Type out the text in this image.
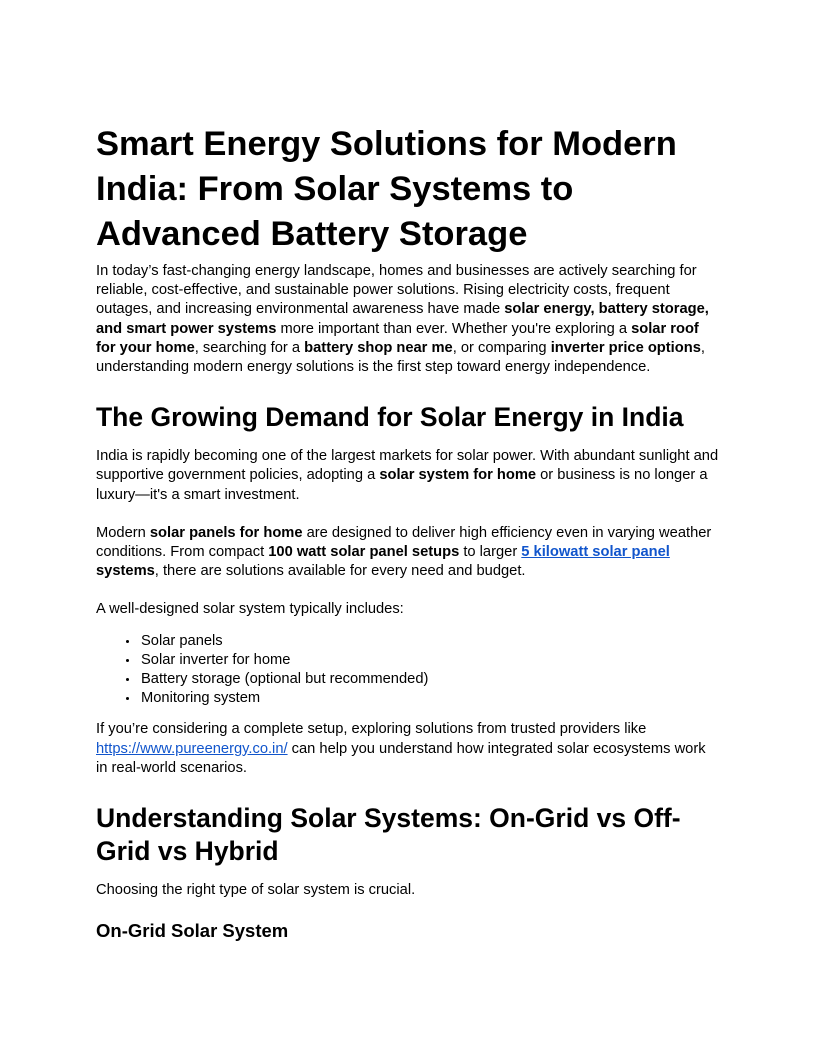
Smart Energy Solutions for Modern India: From Solar Systems to Advanced Battery Storage

In today’s fast-changing energy landscape, homes and businesses are actively searching for reliable, cost-effective, and sustainable power solutions. Rising electricity costs, frequent outages, and increasing environmental awareness have made solar energy, battery storage, and smart power systems more important than ever. Whether you're exploring a solar roof for your home, searching for a battery shop near me, or comparing inverter price options, understanding modern energy solutions is the first step toward energy independence.

The Growing Demand for Solar Energy in India

India is rapidly becoming one of the largest markets for solar power. With abundant sunlight and supportive government policies, adopting a solar system for home or business is no longer a luxury—it's a smart investment.

Modern solar panels for home are designed to deliver high efficiency even in varying weather conditions. From compact 100 watt solar panel setups to larger 5 kilowatt solar panel systems, there are solutions available for every need and budget.

A well-designed solar system typically includes:

• Solar panels
• Solar inverter for home
• Battery storage (optional but recommended)
• Monitoring system

If you’re considering a complete setup, exploring solutions from trusted providers like https://www.pureenergy.co.in/ can help you understand how integrated solar ecosystems work in real-world scenarios.

Understanding Solar Systems: On-Grid vs Off-Grid vs Hybrid

Choosing the right type of solar system is crucial.

On-Grid Solar System
